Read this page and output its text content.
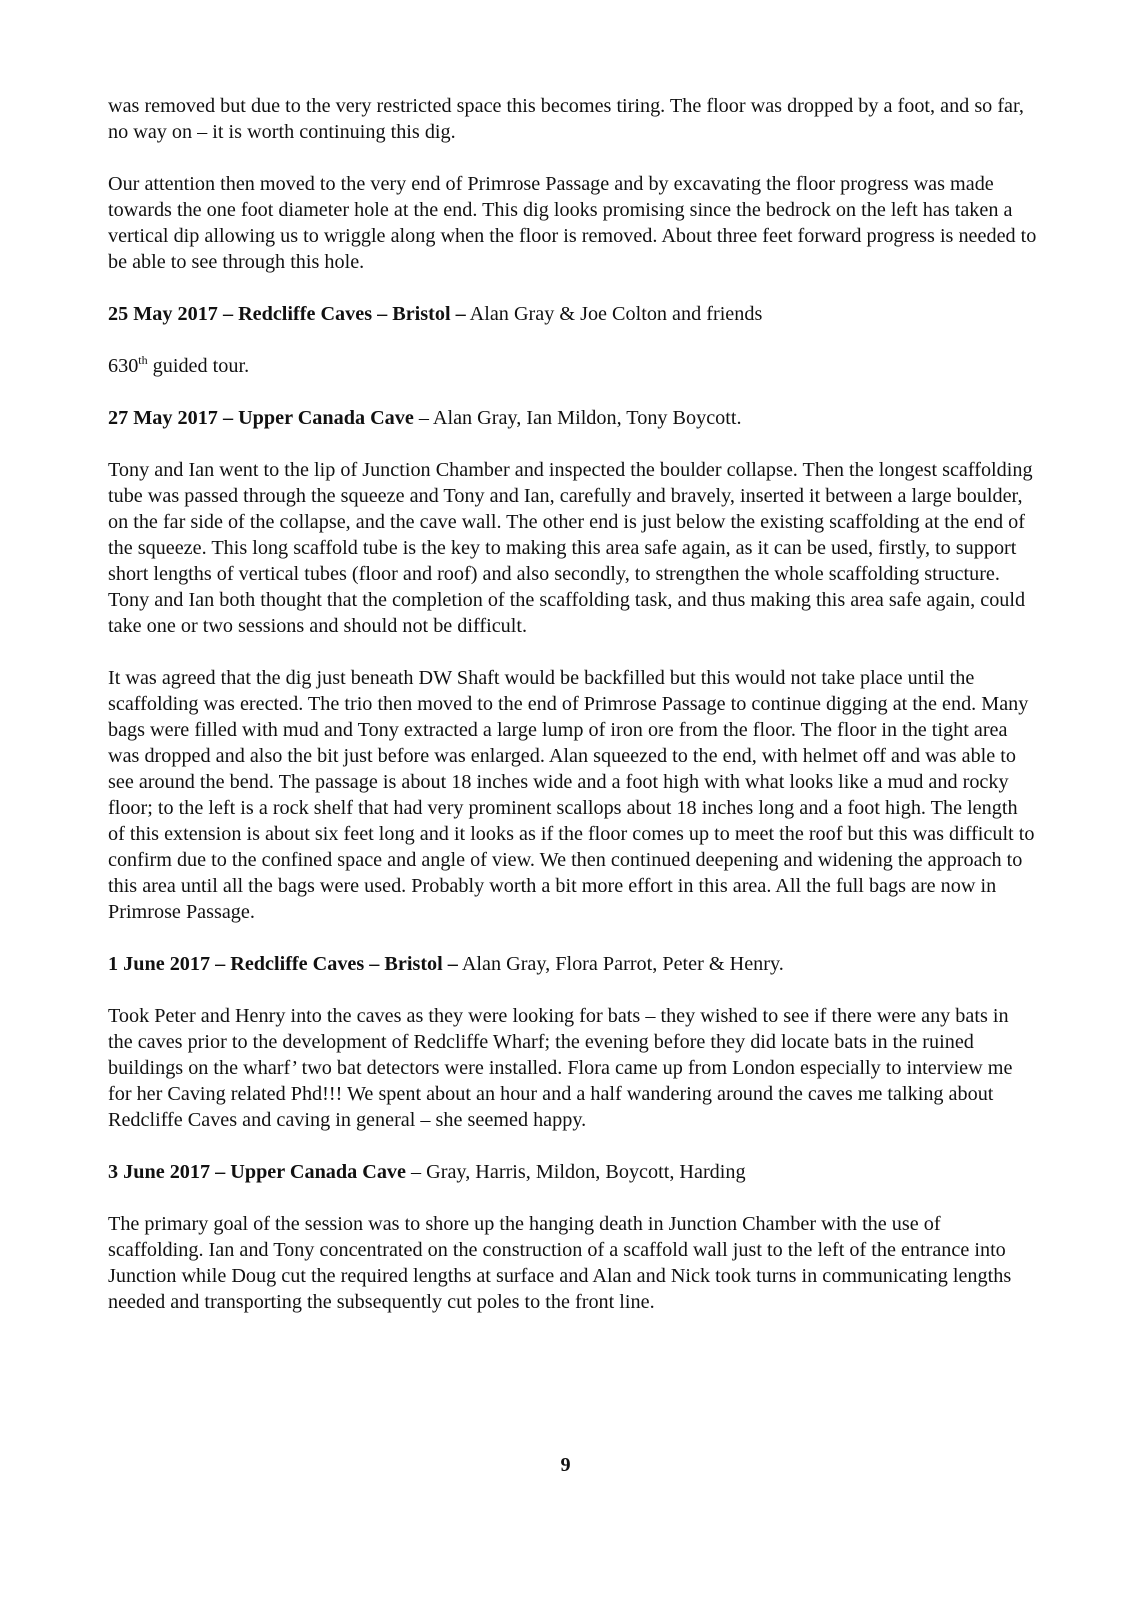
was removed but due to the very restricted space this becomes tiring. The floor was dropped by a foot, and so far, no way on – it is worth continuing this dig.

Our attention then moved to the very end of Primrose Passage and by excavating the floor progress was made towards the one foot diameter hole at the end. This dig looks promising since the bedrock on the left has taken a vertical dip allowing us to wriggle along when the floor is removed. About three feet forward progress is needed to be able to see through this hole.

25 May 2017 – Redcliffe Caves – Bristol – Alan Gray & Joe Colton and friends

630th guided tour.

27 May 2017 – Upper Canada Cave – Alan Gray, Ian Mildon, Tony Boycott.

Tony and Ian went to the lip of Junction Chamber and inspected the boulder collapse. Then the longest scaffolding tube was passed through the squeeze and Tony and Ian, carefully and bravely, inserted it between a large boulder, on the far side of the collapse, and the cave wall. The other end is just below the existing scaffolding at the end of the squeeze. This long scaffold tube is the key to making this area safe again, as it can be used, firstly, to support short lengths of vertical tubes (floor and roof) and also secondly, to strengthen the whole scaffolding structure. Tony and Ian both thought that the completion of the scaffolding task, and thus making this area safe again, could take one or two sessions and should not be difficult.

It was agreed that the dig just beneath DW Shaft would be backfilled but this would not take place until the scaffolding was erected. The trio then moved to the end of Primrose Passage to continue digging at the end. Many bags were filled with mud and Tony extracted a large lump of iron ore from the floor. The floor in the tight area was dropped and also the bit just before was enlarged. Alan squeezed to the end, with helmet off and was able to see around the bend. The passage is about 18 inches wide and a foot high with what looks like a mud and rocky floor; to the left is a rock shelf that had very prominent scallops about 18 inches long and a foot high. The length of this extension is about six feet long and it looks as if the floor comes up to meet the roof but this was difficult to confirm due to the confined space and angle of view. We then continued deepening and widening the approach to this area until all the bags were used. Probably worth a bit more effort in this area. All the full bags are now in Primrose Passage.

1 June 2017 – Redcliffe Caves – Bristol – Alan Gray, Flora Parrot, Peter & Henry.

Took Peter and Henry into the caves as they were looking for bats – they wished to see if there were any bats in the caves prior to the development of Redcliffe Wharf; the evening before they did locate bats in the ruined buildings on the wharf’ two bat detectors were installed. Flora came up from London especially to interview me for her Caving related Phd!!! We spent about an hour and a half wandering around the caves me talking about Redcliffe Caves and caving in general – she seemed happy.

3 June 2017 – Upper Canada Cave – Gray, Harris, Mildon, Boycott, Harding

The primary goal of the session was to shore up the hanging death in Junction Chamber with the use of scaffolding. Ian and Tony concentrated on the construction of a scaffold wall just to the left of the entrance into Junction while Doug cut the required lengths at surface and Alan and Nick took turns in communicating lengths needed and transporting the subsequently cut poles to the front line.

9
